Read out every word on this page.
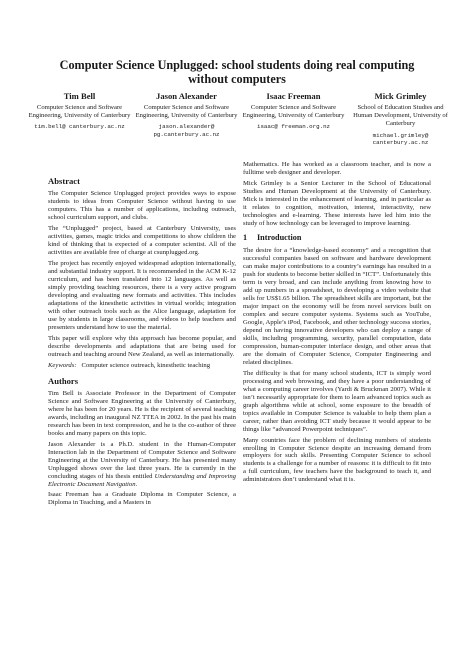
Computer Science Unplugged: school students doing real computing without computers
Tim Bell
Computer Science and Software Engineering, University of Canterbury
tim.bell@ canterbury.ac.nz
Jason Alexander
Computer Science and Software Engineering, University of Canterbury
jason.alexander@ pg.canterbury.ac.nz
Isaac Freeman
Computer Science and Software Engineering, University of Canterbury
isaac@ freeman.org.nz
Mick Grimley
School of Education Studies and Human Development, University of Canterbury
michael.grimley@ canterbury.ac.nz
Abstract

The Computer Science Unplugged project provides ways to expose students to ideas from Computer Science without having to use computers. This has a number of applications, including outreach, school curriculum support, and clubs.

The “Unplugged” project, based at Canterbury University, uses activities, games, magic tricks and competitions to show children the kind of thinking that is expected of a computer scientist. All of the activities are available free of charge at csunplugged.org.

The project has recently enjoyed widespread adoption internationally, and substantial industry support. It is recommended in the ACM K-12 curriculum, and has been translated into 12 languages. As well as simply providing teaching resources, there is a very active program developing and evaluating new formats and activities. This includes adaptations of the kinesthetic activities in virtual worlds; integration with other outreach tools such as the Alice language, adaptation for use by students in large classrooms, and videos to help teachers and presenters understand how to use the material.

This paper will explore why this approach has become popular, and describe developments and adaptations that are being used for outreach and teaching around New Zealand, as well as internationally.

Keywords: Computer science outreach, kinesthetic teaching

Authors

Tim Bell is Associate Professor in the Department of Computer Science and Software Engineering at the University of Canterbury, where he has been for 20 years. He is the recipient of several teaching awards, including an inaugural NZ TTEA in 2002. In the past his main research has been in text compression, and he is the co-author of three books and many papers on this topic.

Jason Alexander is a Ph.D. student in the Human-Computer Interaction lab in the Department of Computer Science and Software Engineering at the University of Canterbury. He has presented many Unplugged shows over the last three years. He is currently in the concluding stages of his thesis entitled Understanding and Improving Electronic Document Navigation.

Isaac Freeman has a Graduate Diploma in Computer Science, a Diploma in Teaching, and a Masters in

Mathematics. He has worked as a classroom teacher, and is now a fulltime web designer and developer.

Mick Grimley is a Senior Lecturer in the School of Educational Studies and Human Development at the University of Canterbury. Mick is interested in the enhancement of learning, and in particular as it relates to cognition, motivation, interest, interactivity, new technologies and e-learning. These interests have led him into the study of how technology can be leveraged to improve learning.

1 Introduction

The desire for a “knowledge-based economy” and a recognition that successful companies based on software and hardware development can make major contributions to a country’s earnings has resulted in a push for students to become better skilled in “ICT”. Unfortunately this term is very broad, and can include anything from knowing how to add up numbers in a spreadsheet, to developing a video website that sells for US$1.65 billion. The spreadsheet skills are important, but the major impact on the economy will be from novel services built on complex and secure computer systems. Systems such as YouTube, Google, Apple’s iPod, Facebook, and other technology success stories, depend on having innovative developers who can deploy a range of skills, including programming, security, parallel computation, data compression, human-computer interface design, and other areas that are the domain of Computer Science, Computer Engineering and related disciplines.

The difficulty is that for many school students, ICT is simply word processing and web browsing, and they have a poor understanding of what a computing career involves (Yardi & Bruckman 2007). While it isn’t necessarily appropriate for them to learn advanced topics such as graph algorithms while at school, some exposure to the breadth of topics available in Computer Science is valuable to help them plan a career, rather than avoiding ICT study because it would appear to be things like “advanced Powerpoint techniques”.

Many countries face the problem of declining numbers of students enrolling in Computer Science despite an increasing demand from employers for such skills. Presenting Computer Science to school students is a challenge for a number of reasons: it is difficult to fit into a full curriculum, few teachers have the background to teach it, and administrators don’t understand what it is.
